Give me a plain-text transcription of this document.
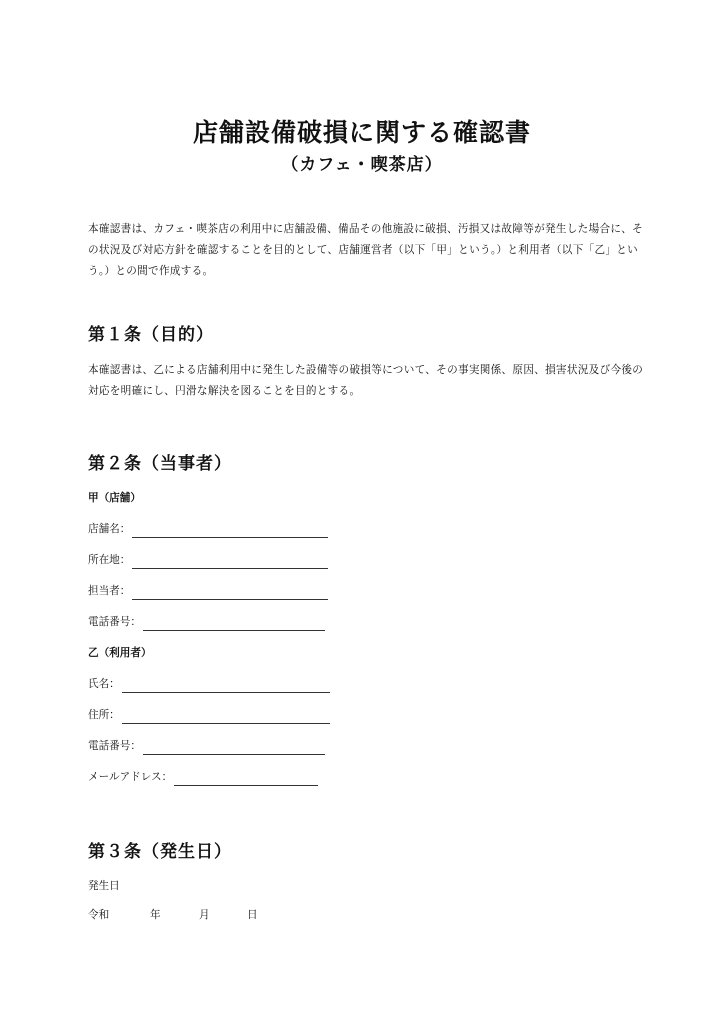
店舗設備破損に関する確認書
（カフェ・喫茶店）

本確認書は、カフェ・喫茶店の利用中に店舗設備、備品その他施設に破損、汚損又は故障等が発生した場合に、その状況及び対応方針を確認することを目的として、店舗運営者（以下「甲」という。）と利用者（以下「乙」という。）との間で作成する。

第１条（目的）

本確認書は、乙による店舗利用中に発生した設備等の破損等について、その事実関係、原因、損害状況及び今後の対応を明確にし、円滑な解決を図ることを目的とする。

第２条（当事者）
甲（店舗）
店舗名：
所在地：
担当者：
電話番号：
乙（利用者）
氏名：
住所：
電話番号：
メールアドレス：
第３条（発生日）
発生日
令和	年	月	日
